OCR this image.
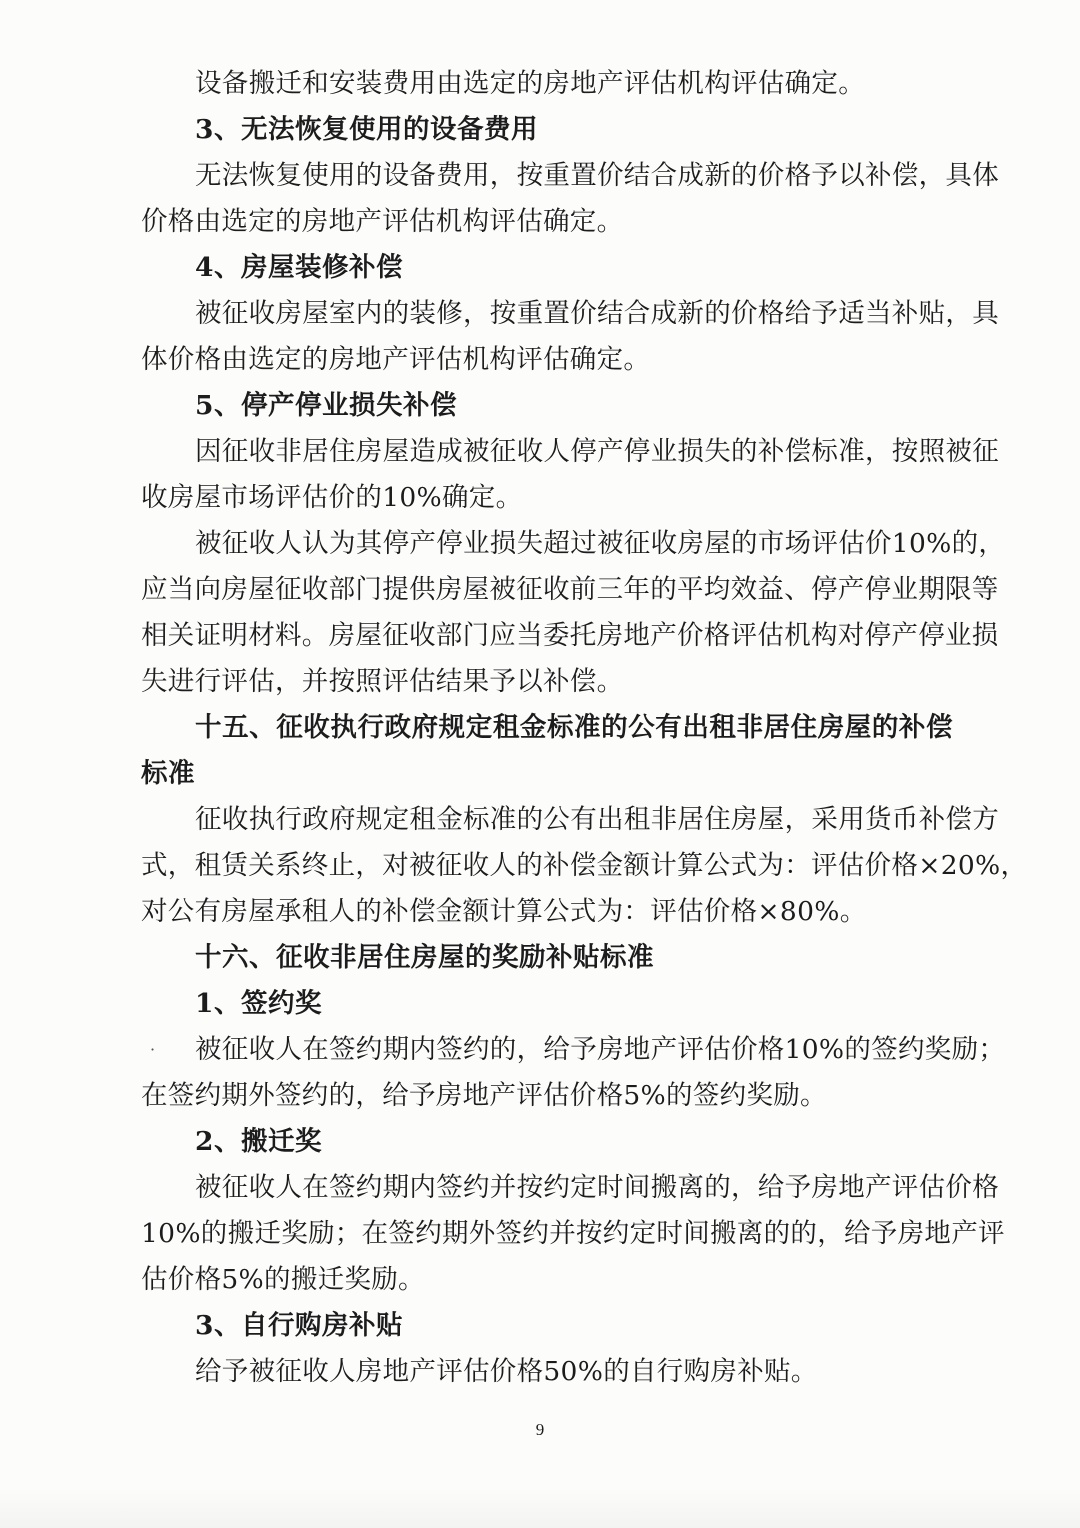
设备搬迁和安装费用由选定的房地产评估机构评估确定。
3、无法恢复使用的设备费用
无法恢复使用的设备费用，按重置价结合成新的价格予以补偿，具体
价格由选定的房地产评估机构评估确定。
4、房屋装修补偿
被征收房屋室内的装修，按重置价结合成新的价格给予适当补贴，具
体价格由选定的房地产评估机构评估确定。
5、停产停业损失补偿
因征收非居住房屋造成被征收人停产停业损失的补偿标准，按照被征
收房屋市场评估价的10%确定。
被征收人认为其停产停业损失超过被征收房屋的市场评估价10%的，
应当向房屋征收部门提供房屋被征收前三年的平均效益、停产停业期限等
相关证明材料。房屋征收部门应当委托房地产价格评估机构对停产停业损
失进行评估，并按照评估结果予以补偿。
十五、征收执行政府规定租金标准的公有出租非居住房屋的补偿
标准
征收执行政府规定租金标准的公有出租非居住房屋，采用货币补偿方
式，租赁关系终止，对被征收人的补偿金额计算公式为：评估价格×20%，
对公有房屋承租人的补偿金额计算公式为：评估价格×80%。
十六、征收非居住房屋的奖励补贴标准
1、签约奖
被征收人在签约期内签约的，给予房地产评估价格10%的签约奖励；
在签约期外签约的，给予房地产评估价格5%的签约奖励。
2、搬迁奖
被征收人在签约期内签约并按约定时间搬离的，给予房地产评估价格
10%的搬迁奖励；在签约期外签约并按约定时间搬离的的，给予房地产评
估价格5%的搬迁奖励。
3、自行购房补贴
给予被征收人房地产评估价格50%的自行购房补贴。
·
9
